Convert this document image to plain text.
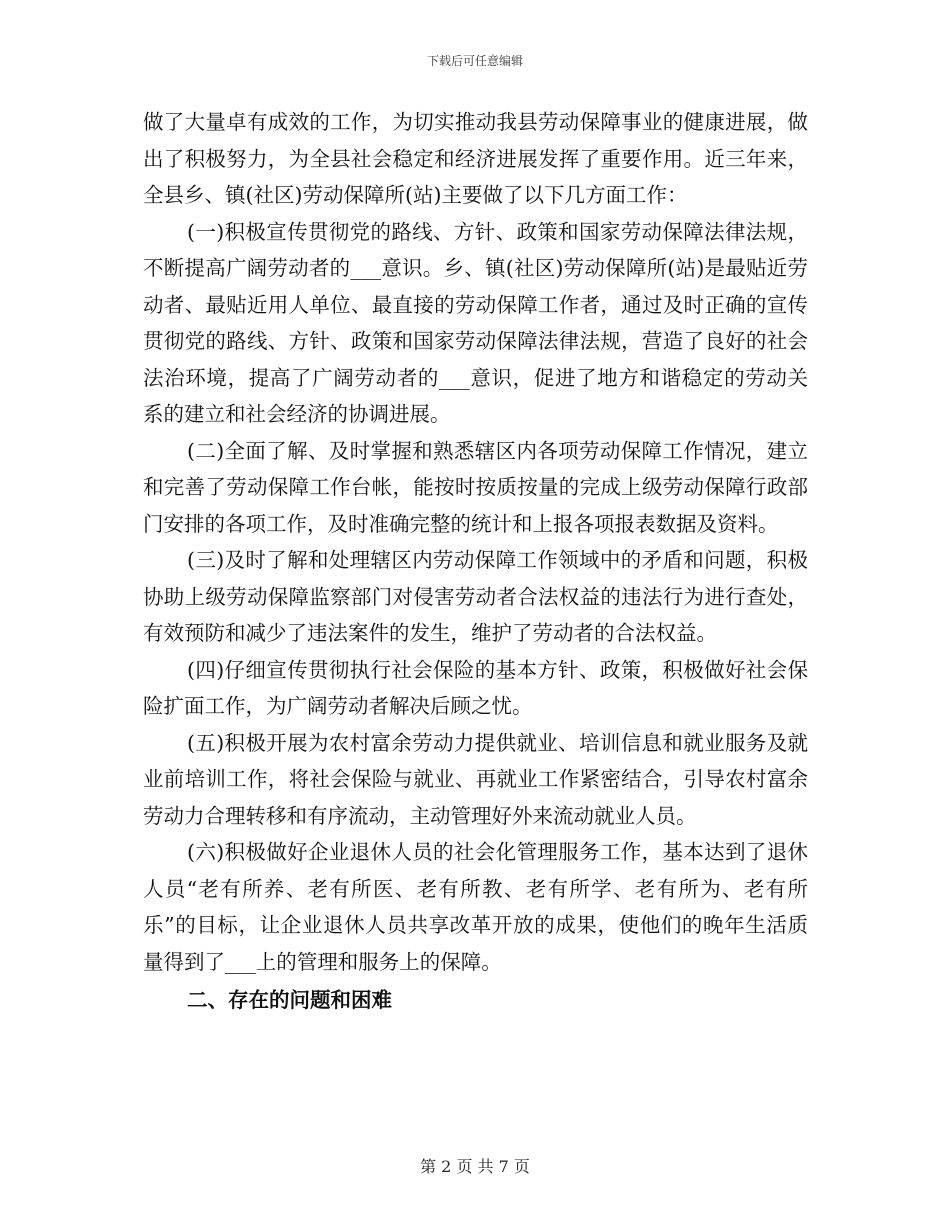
下载后可任意编辑

做了大量卓有成效的工作，为切实推动我县劳动保障事业的健康进展，做出了积极努力，为全县社会稳定和经济进展发挥了重要作用。近三年来，全县乡、镇(社区)劳动保障所(站)主要做了以下几方面工作：

(一)积极宣传贯彻党的路线、方针、政策和国家劳动保障法律法规，不断提高广阔劳动者的___意识。乡、镇(社区)劳动保障所(站)是最贴近劳动者、最贴近用人单位、最直接的劳动保障工作者，通过及时正确的宣传贯彻党的路线、方针、政策和国家劳动保障法律法规，营造了良好的社会法治环境，提高了广阔劳动者的___意识，促进了地方和谐稳定的劳动关系的建立和社会经济的协调进展。

(二)全面了解、及时掌握和熟悉辖区内各项劳动保障工作情况，建立和完善了劳动保障工作台帐，能按时按质按量的完成上级劳动保障行政部门安排的各项工作，及时准确完整的统计和上报各项报表数据及资料。

(三)及时了解和处理辖区内劳动保障工作领域中的矛盾和问题，积极协助上级劳动保障监察部门对侵害劳动者合法权益的违法行为进行查处，有效预防和减少了违法案件的发生，维护了劳动者的合法权益。

(四)仔细宣传贯彻执行社会保险的基本方针、政策，积极做好社会保险扩面工作，为广阔劳动者解决后顾之忧。

(五)积极开展为农村富余劳动力提供就业、培训信息和就业服务及就业前培训工作，将社会保险与就业、再就业工作紧密结合，引导农村富余劳动力合理转移和有序流动，主动管理好外来流动就业人员。

(六)积极做好企业退休人员的社会化管理服务工作，基本达到了退休人员“老有所养、老有所医、老有所教、老有所学、老有所为、老有所乐”的目标，让企业退休人员共享改革开放的成果，使他们的晚年生活质量得到了___上的管理和服务上的保障。

二、存在的问题和困难

第 2 页 共 7 页
